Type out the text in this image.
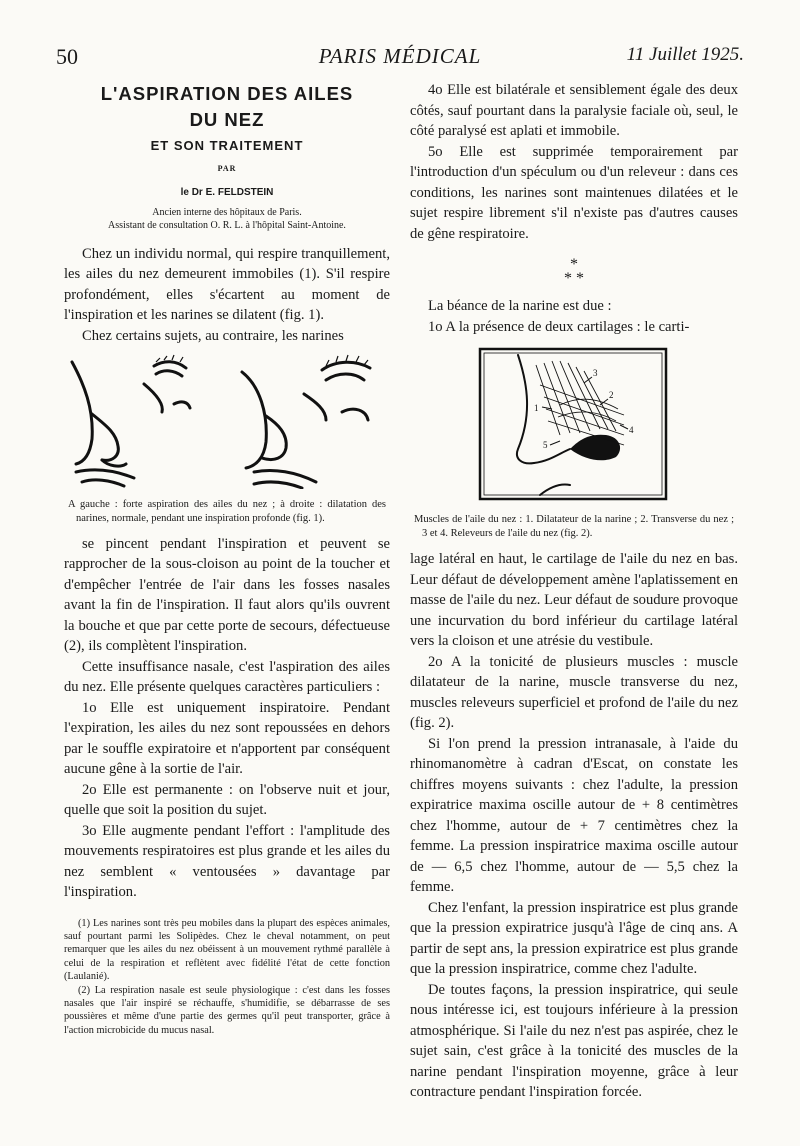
50	PARIS MÉDICAL	11 Juillet 1925.
L'ASPIRATION DES AILES
DU NEZ
ET SON TRAITEMENT
PAR
le Dr E. FELDSTEIN
Ancien interne des hôpitaux de Paris.
Assistant de consultation O. R. L. à l'hôpital Saint-Antoine.

Chez un individu normal, qui respire tranquillement, les ailes du nez demeurent immobiles (1). S'il respire profondément, elles s'écartent au moment de l'inspiration et les narines se dilatent (fig. 1).

Chez certains sujets, au contraire, les narines

A gauche : forte aspiration des ailes du nez ; à droite : dilatation des narines, normale, pendant une inspiration profonde (fig. 1).

se pincent pendant l'inspiration et peuvent se rapprocher de la sous-cloison au point de la toucher et d'empêcher l'entrée de l'air dans les fosses nasales avant la fin de l'inspiration. Il faut alors qu'ils ouvrent la bouche et que par cette porte de secours, défectueuse (2), ils complètent l'inspiration.

Cette insuffisance nasale, c'est l'aspiration des ailes du nez. Elle présente quelques caractères particuliers :

1o Elle est uniquement inspiratoire. Pendant l'expiration, les ailes du nez sont repoussées en dehors par le souffle expiratoire et n'apportent par conséquent aucune gêne à la sortie de l'air.

2o Elle est permanente : on l'observe nuit et jour, quelle que soit la position du sujet.

3o Elle augmente pendant l'effort : l'amplitude des mouvements respiratoires est plus grande et les ailes du nez semblent « ventousées » davantage par l'inspiration.

(1) Les narines sont très peu mobiles dans la plupart des espèces animales, sauf pourtant parmi les Solipèdes. Chez le cheval notamment, on peut remarquer que les ailes du nez obéissent à un mouvement rythmé parallèle à celui de la respiration et reflètent avec fidélité l'état de cette fonction (Laulanié).

(2) La respiration nasale est seule physiologique : c'est dans les fosses nasales que l'air inspiré se réchauffe, s'humidifie, se débarrasse de ses poussières et même d'une partie des germes qu'il peut transporter, grâce à l'action microbicide du mucus nasal.

4o Elle est bilatérale et sensiblement égale des deux côtés, sauf pourtant dans la paralysie faciale où, seul, le côté paralysé est aplati et immobile.

5o Elle est supprimée temporairement par l'introduction d'un spéculum ou d'un releveur : dans ces conditions, les narines sont maintenues dilatées et le sujet respire librement s'il n'existe pas d'autres causes de gêne respiratoire.

*
* *

La béance de la narine est due :

1o A la présence de deux cartilages : le carti-

1
2
3
4
5
Muscles de l'aile du nez : 1. Dilatateur de la narine ; 2. Transverse du nez ; 3 et 4. Releveurs de l'aile du nez (fig. 2).

lage latéral en haut, le cartilage de l'aile du nez en bas. Leur défaut de développement amène l'aplatissement en masse de l'aile du nez. Leur défaut de soudure provoque une incurvation du bord inférieur du cartilage latéral vers la cloison et une atrésie du vestibule.

2o A la tonicité de plusieurs muscles : muscle dilatateur de la narine, muscle transverse du nez, muscles releveurs superficiel et profond de l'aile du nez (fig. 2).

Si l'on prend la pression intranasale, à l'aide du rhinomanomètre à cadran d'Escat, on constate les chiffres moyens suivants : chez l'adulte, la pression expiratrice maxima oscille autour de + 8 centimètres chez l'homme, autour de + 7 centimètres chez la femme. La pression inspiratrice maxima oscille autour de — 6,5 chez l'homme, autour de — 5,5 chez la femme.

Chez l'enfant, la pression inspiratrice est plus grande que la pression expiratrice jusqu'à l'âge de cinq ans. A partir de sept ans, la pression expiratrice est plus grande que la pression inspiratrice, comme chez l'adulte.

De toutes façons, la pression inspiratrice, qui seule nous intéresse ici, est toujours inférieure à la pression atmosphérique. Si l'aile du nez n'est pas aspirée, chez le sujet sain, c'est grâce à la tonicité des muscles de la narine pendant l'inspiration moyenne, grâce à leur contracture pendant l'inspiration forcée.
